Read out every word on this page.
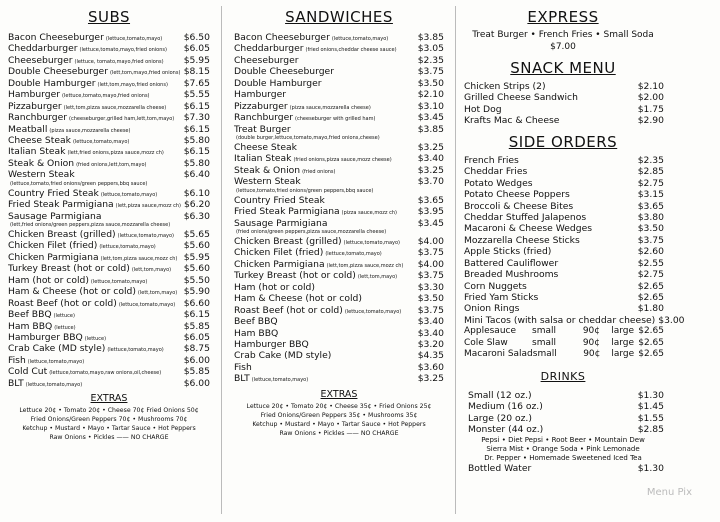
SUBS
Bacon Cheeseburger (lettuce,tomato,mayo) $6.50
Cheddarburger (lettuce,tomato,mayo,fried onions) $6.05
Cheeseburger (lettuce, tomato,mayo,fried onions) $5.95
Double Cheeseburger (lett,tom,mayo,fried onions) $8.15
Double Hamburger (lett,tom,mayo,fried onions) $7.65
Hamburger (lettuce,tomato,mayo,fried onions)	$5.55
Pizzaburger (lett,tom,pizza sauce,mozzarella cheese) $6.15
Ranchburger (cheeseburger,grilled ham,lett,tom,mayo) $7.30
Meatball (pizza sauce,mozzarella cheese)	$6.15
Cheese Steak (lettuce,tomato,mayo)	$5.80
Italian Steak (lett,fried onions,pizza sauce,mozz ch) $6.15
Steak & Onion (fried onions,lett,tom,mayo)	$5.80
Western Steak	$6.40
(lettuce,tomato,fried onions/green peppers,bbq sauce)
Country Fried Steak (lettuce,tomato,mayo)	$6.10
Fried Steak Parmigiana (lett,pizza sauce,mozz ch) $6.20
Sausage Parmigiana	$6.30
(lett,fried onions/green peppers,pizza sauce,mozzarella cheese)
Chicken Breast (grilled) (lettuce,tomato,mayo) $5.65
Chicken Filet (fried) (lettuce,tomato,mayo)	$5.60
Chicken Parmigiana (lett,tom,pizza sauce,mozz ch) $5.95
Turkey Breast (hot or cold) (lett,tom,mayo) $5.60
Ham (hot or cold) (lettuce,tomato,mayo)	$5.50
Ham & Cheese (hot or cold) (lett,tom,mayo) $5.90
Roast Beef (hot or cold) (lettuce,tomato,mayo) $6.60
Beef BBQ (lettuce)	$6.15
Ham BBQ (lettuce)	$5.85
Hamburger BBQ (lettuce)	$6.05
Crab Cake (MD style) (lettuce,tomato,mayo) $8.75
Fish (lettuce,tomato,mayo)	$6.00
Cold Cut (lettuce,tomato,mayo,raw onions,oil,cheese) $5.85
BLT (lettuce,tomato,mayo)	$6.00
EXTRAS
Lettuce 20¢ • Tomato 20¢ • Cheese 70¢ Fried Onions 50¢
Fried Onions/Green Peppers 70¢ • Mushrooms 70¢
Ketchup • Mustard • Mayo • Tartar Sauce • Hot Peppers
Raw Onions • Pickles —— NO CHARGE
SANDWICHES
Bacon Cheeseburger (lettuce,tomato,mayo)	$3.85
Cheddarburger (fried onions,cheddar cheese sauce) $3.05
Cheeseburger	$2.35
Double Cheeseburger	$3.75
Double Hamburger	$3.50
Hamburger	$2.10
Pizzaburger (pizza sauce,mozzarella cheese)	$3.10
Ranchburger (cheeseburger with grilled ham)	$3.45
Treat Burger	$3.85
(double burger,lettuce,tomato,mayo,fried onions,cheese)
Cheese Steak	$3.25
Italian Steak (fried onions,pizza sauce,mozz cheese)	$3.40
Steak & Onion (fried onions)	$3.25
Western Steak	$3.70
(lettuce,tomato,fried onions/green peppers,bbq sauce)
Country Fried Steak	$3.65
Fried Steak Parmigiana (pizza sauce,mozz ch) $3.95
Sausage Parmigiana	$3.45
(fried onions/green peppers,pizza sauce,mozzarella cheese)
Chicken Breast (grilled) (lettuce,tomato,mayo) $4.00
Chicken Filet (fried) (lettuce,tomato,mayo)	$3.75
Chicken Parmigiana (lett,tom,pizza sauce,mozz ch) $4.00
Turkey Breast (hot or cold) (lett,tom,mayo) $3.75
Ham (hot or cold)	$3.30
Ham & Cheese (hot or cold)	$3.50
Roast Beef (hot or cold) (lettuce,tomato,mayo) $3.75
Beef BBQ	$3.40
Ham BBQ	$3.40
Hamburger BBQ	$3.20
Crab Cake (MD style)	$4.35
Fish	$3.60
BLT (lettuce,tomato,mayo)	$3.25
EXTRAS
Lettuce 20¢ • Tomato 20¢ • Cheese 35¢ • Fried Onions 25¢
Fried Onions/Green Peppers 35¢ • Mushrooms 35¢
Ketchup • Mustard • Mayo • Tartar Sauce • Hot Peppers
Raw Onions • Pickles —— NO CHARGE
EXPRESS
Treat Burger • French Fries • Small Soda
$7.00
SNACK MENU
Chicken Strips (2)	$2.10
Grilled Cheese Sandwich	$2.00
Hot Dog	$1.75
Krafts Mac & Cheese	$2.90
SIDE ORDERS
French Fries	$2.35
Cheddar Fries	$2.85
Potato Wedges	$2.75
Potato Cheese Poppers	$3.15
Broccoli & Cheese Bites	$3.65
Cheddar Stuffed Jalapenos	$3.80
Macaroni & Cheese Wedges	$3.50
Mozzarella Cheese Sticks	$3.75
Apple Sticks (fried)	$2.60
Battered Cauliflower	$2.55
Breaded Mushrooms	$2.75
Corn Nuggets	$2.65
Fried Yam Sticks	$2.65
Onion Rings	$1.80
Mini Tacos (with salsa or cheddar cheese) $3.00
Applesauce	small	90¢	large $2.65
Cole Slaw	small	90¢	large $2.65
Macaroni Salad small	90¢	large $2.65
DRINKS
Small (12 oz.)	$1.30
Medium (16 oz.)	$1.45
Large (20 oz.)	$1.55
Monster (44 oz.)	$2.85
Pepsi • Diet Pepsi • Root Beer • Mountain Dew
Sierra Mist • Orange Soda • Pink Lemonade
Dr. Pepper • Homemade Sweetened Iced Tea
Bottled Water	$1.30
Menu Pix
